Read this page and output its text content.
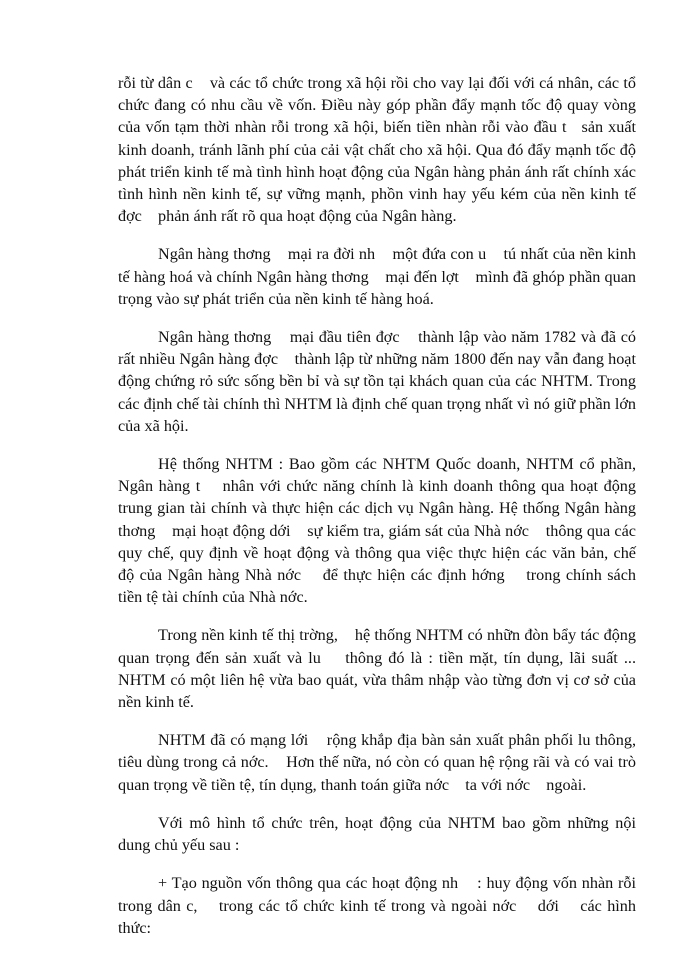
rỗi từ dân c    và các tổ chức trong xã hội rồi cho vay lại đối với cá nhân, các tổ chức đang có nhu cầu về vốn. Điều này góp phần đẩy mạnh tốc độ quay vòng của vốn tạm thời nhàn rỗi trong xã hội, biến tiền nhàn rỗi vào đầu t   sản xuất kinh doanh, tránh lãnh phí của cải vật chất cho xã hội. Qua đó đẩy mạnh tốc độ phát triển kinh tế mà tình hình hoạt động của Ngân hàng phản ánh rất chính xác tình hình nền kinh tế, sự vững mạnh, phồn vinh hay yếu kém của nền kinh tế đợc    phản ánh rất rõ qua hoạt động của Ngân hàng.

Ngân hàng thơng    mại ra đời nh    một đứa con u    tú nhất của nền kinh tế hàng hoá và chính Ngân hàng thơng    mại đến lợt    mình đã ghóp phần quan trọng vào sự phát triển của nền kinh tế hàng hoá.

Ngân hàng thơng    mại đầu tiên đợc    thành lập vào năm 1782 và đã có rất nhiều Ngân hàng đợc    thành lập từ những năm 1800 đến nay vẫn đang hoạt động chứng rỏ sức sống bền bỉ và sự tồn tại khách quan của các NHTM. Trong các định chế tài chính thì NHTM là định chế quan trọng nhất vì nó giữ phần lớn của xã hội.

Hệ thống NHTM : Bao gồm các NHTM Quốc doanh, NHTM cổ phần, Ngân hàng t    nhân với chức năng chính là kinh doanh thông qua hoạt động trung gian tài chính và thực hiện các dịch vụ Ngân hàng. Hệ thống Ngân hàng thơng    mại hoạt động dới    sự kiểm tra, giám sát của Nhà nớc    thông qua các quy chế, quy định về hoạt động và thông qua việc thực hiện các văn bản, chế độ của Ngân hàng Nhà nớc    để thực hiện các định hớng    trong chính sách tiền tệ tài chính của Nhà nớc.

Trong nền kinh tế thị trờng,    hệ thống NHTM có nhữn đòn bẩy tác động quan trọng đến sản xuất và lu    thông đó là : tiền mặt, tín dụng, lãi suất ... NHTM có một liên hệ vừa bao quát, vừa thâm nhập vào từng đơn vị cơ sở của nền kinh tế.

NHTM đã có mạng lới    rộng khắp địa bàn sản xuất phân phối lu thông, tiêu dùng trong cả nớc.    Hơn thế nữa, nó còn có quan hệ rộng rãi và có vai trò quan trọng về tiền tệ, tín dụng, thanh toán giữa nớc    ta với nớc    ngoài.

Với mô hình tổ chức trên, hoạt động của NHTM bao gồm những nội dung chủ yếu sau :

+ Tạo nguồn vốn thông qua các hoạt động nh    : huy động vốn nhàn rỗi trong dân c,    trong các tổ chức kinh tế trong và ngoài nớc    dới    các hình thức:
